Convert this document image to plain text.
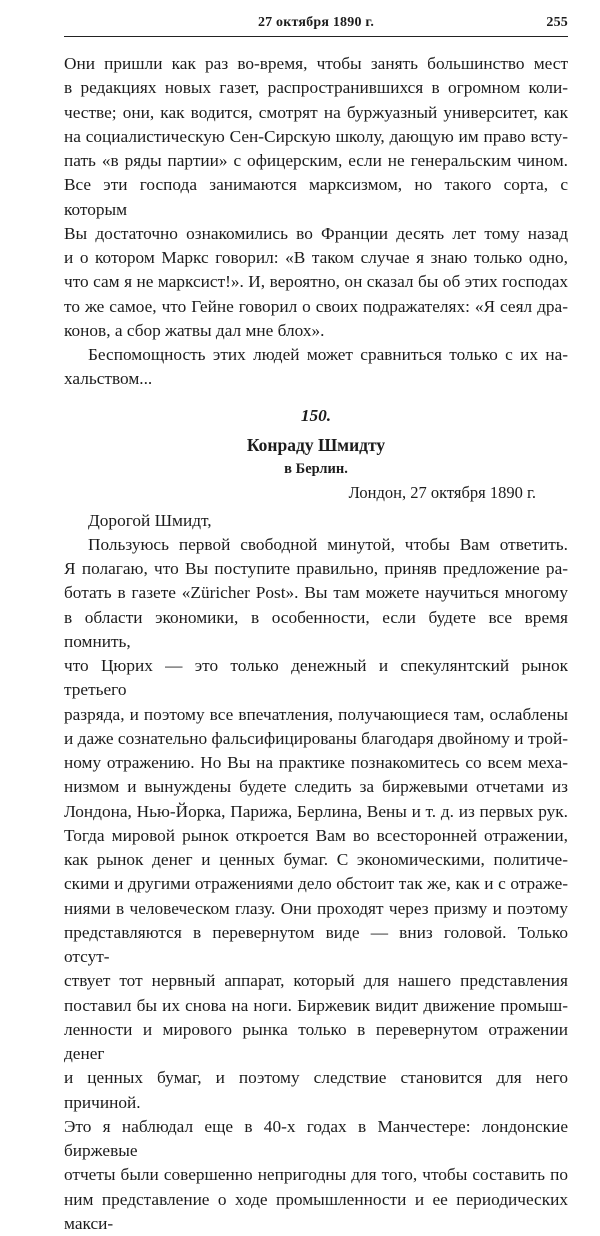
27 октября 1890 г.	255

Они пришли как раз во-время, чтобы занять большинство мест

в редакциях новых газет, распространившихся в огромном коли-

честве; они, как водится, смотрят на буржуазный университет, как

на социалистическую Сен-Сирскую школу, дающую им право всту-

пать «в ряды партии» с офицерским, если не генеральским чином.

Все эти господа занимаются марксизмом, но такого сорта, с которым

Вы достаточно ознакомились во Франции десять лет тому назад

и о котором Маркс говорил: «В таком случае я знаю только одно,

что сам я не марксист!». И, вероятно, он сказал бы об этих господах

то же самое, что Гейне говорил о своих подражателях: «Я сеял дра-

конов, а сбор жатвы дал мне блох».

Беспомощность этих людей может сравниться только с их на-

хальством...

150.

Конраду Шмидту

в Берлин.

Лондон, 27 октября 1890 г.

Дорогой Шмидт,

Пользуюсь первой свободной минутой, чтобы Вам ответить.

Я полагаю, что Вы поступите правильно, приняв предложение ра-

ботать в газете «Züricher Post». Вы там можете научиться многому

в области экономики, в особенности, если будете все время помнить,

что Цюрих — это только денежный и спекулянтский рынок третьего

разряда, и поэтому все впечатления, получающиеся там, ослаблены

и даже сознательно фальсифицированы благодаря двойному и трой-

ному отражению. Но Вы на практике познакомитесь со всем меха-

низмом и вынуждены будете следить за биржевыми отчетами из

Лондона, Нью-Йорка, Парижа, Берлина, Вены и т. д. из первых рук.

Тогда мировой рынок откроется Вам во всесторонней отражении,

как рынок денег и ценных бумаг. С экономическими, политиче-

скими и другими отражениями дело обстоит так же, как и с отраже-

ниями в человеческом глазу. Они проходят через призму и поэтому

представляются в перевернутом виде — вниз головой. Только отсут-

ствует тот нервный аппарат, который для нашего представления

поставил бы их снова на ноги. Биржевик видит движение промыш-

ленности и мирового рынка только в перевернутом отражении денег

и ценных бумаг, и поэтому следствие становится для него причиной.

Это я наблюдал еще в 40-х годах в Манчестере: лондонские биржевые

отчеты были совершенно непригодны для того, чтобы составить по

ним представление о ходе промышленности и ее периодических макси-
